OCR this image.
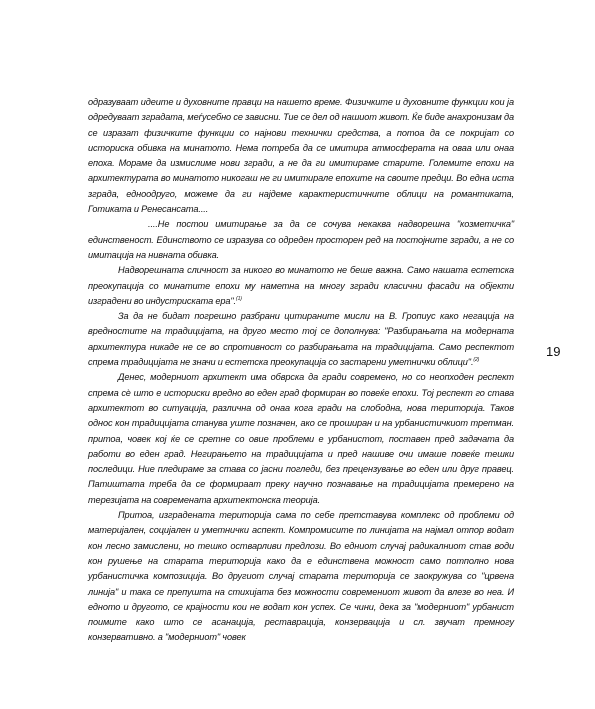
19

одразуваат идеите и духовните правци на нашето време. Физичките и духовните функции кои ја одредуваат зградата, меѓусебно се зависни. Тие се дел од нашиот живот. Ќе биде анахронизам да се изразат физичките функции со најнови технички средства, а потоа да се покријат со историска обивка на минатото. Нема потреба да се имитира атмосферата на оваа или онаа епоха. Мораме да измислиме нови згради, а не да ги имитираме старите. Големите епохи на архитектурата во минатото никогаш не ги имитирале епохите на своите предци. Во една иста зграда, едноодругo, можеме да ги најдеме карактеристичните облици на романтиката, Готиката и Ренесансата....

....Не постои имитирање за да се сочува некаква надворешна "козметичка" единственост. Единството се изразува со одреден простoрен ред на постојните згради, а не со имитација на нивната обивка.

Надворешната сличност за никого во минатото не беше важна. Само нашата естетска преокупација со минатите епохи му наметна на многу згради класични фасади на објекти изградени во индустриската ера".$^{(1)}$

За да не бидат погрешно разбрани цитираните мисли на В. Гропиус како негација на вредностите на традицијата, на друго место тој се дополнува: "Разбирањата на модерната архитектура никаде не се во спротивност со разбирањата на традицијата. Само респектот спрема традицијата не значи и естетска преокупација со застарени уметнички облици".$^{(2)}$

Денес, модерниот архитект има обврска да гради современо, но со неопходен респект спрема сè што е историски вредно во еден град формиран во повеќе епохи. Тој респект го става архитектот во ситуација, различна од онаа кога гради на слободна, нова територија. Таков однос кон традицијата станува уште позначен, ако се проширан и на урбанистичкиот третман. притоа, човек кој ќе се сретне со овие проблеми е урбанистот, поставен пред задачата да работи во еден град. Негирањето на традицијата и пред нашиве очи имаше повеќе тешки последици. Ние пледираме за става со јасни погледи, без прецензување во еден или друг правец. Патиштата треба да се формираат преку научно познавање на традицијата премерено на терезијата на современата архитектонска теорија.

Притоа, изградената територија сама по себе претставува комплекс од проблеми од материјален, социјален и уметнички аспект. Компромисите по линијата на најмал отпор водат кон лесно замислени, но тешко остварливи предлози. Во едниот случај радикалниот став води кон рушење на старата територија како да е единствена можност само потполно нова урбанистичка композиција. Во другиот случај старата територија се заокружува со "црвена линија" и така се препушта на стихијата без можности современиот живот да влезе во неа. И едното и другото, се крајности кои не водат кон успех. Се чини, дека за "модерниот" урбанист поимите како што се асанација, реставрација, конзервација и сл. звучат премногу конзервативно. а "модерниот" човек
